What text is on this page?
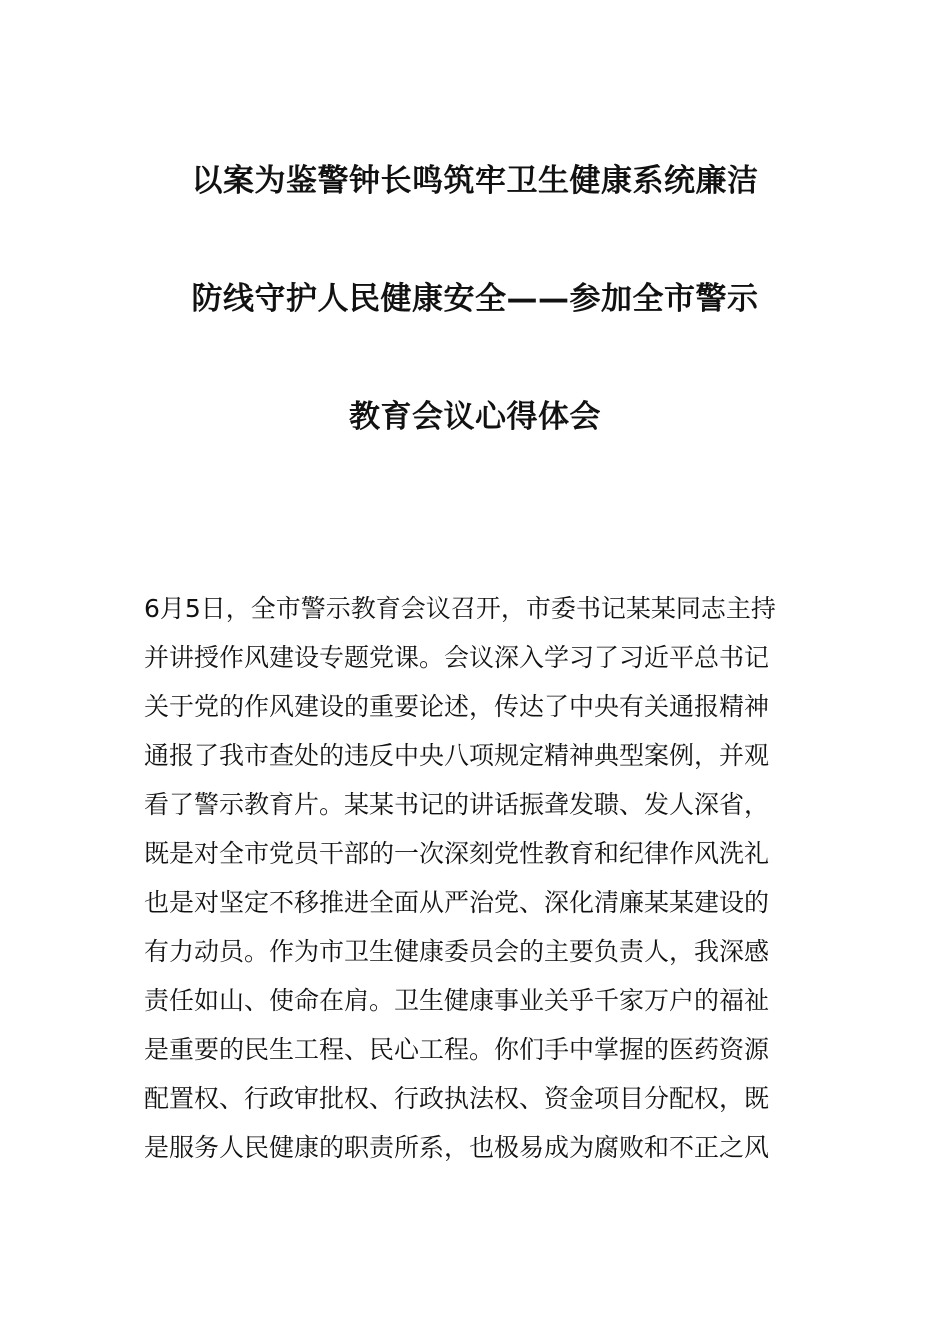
以案为鉴警钟长鸣筑牢卫生健康系统廉洁
防线守护人民健康安全——参加全市警示
教育会议心得体会
6月5日，全市警示教育会议召开，市委书记某某同志主持
并讲授作风建设专题党课。会议深入学习了习近平总书记
关于党的作风建设的重要论述，传达了中央有关通报精神
通报了我市查处的违反中央八项规定精神典型案例，并观
看了警示教育片。某某书记的讲话振聋发聩、发人深省，
既是对全市党员干部的一次深刻党性教育和纪律作风洗礼
也是对坚定不移推进全面从严治党、深化清廉某某建设的
有力动员。作为市卫生健康委员会的主要负责人，我深感
责任如山、使命在肩。卫生健康事业关乎千家万户的福祉
是重要的民生工程、民心工程。你们手中掌握的医药资源
配置权、行政审批权、行政执法权、资金项目分配权，既
是服务人民健康的职责所系，也极易成为腐败和不正之风
